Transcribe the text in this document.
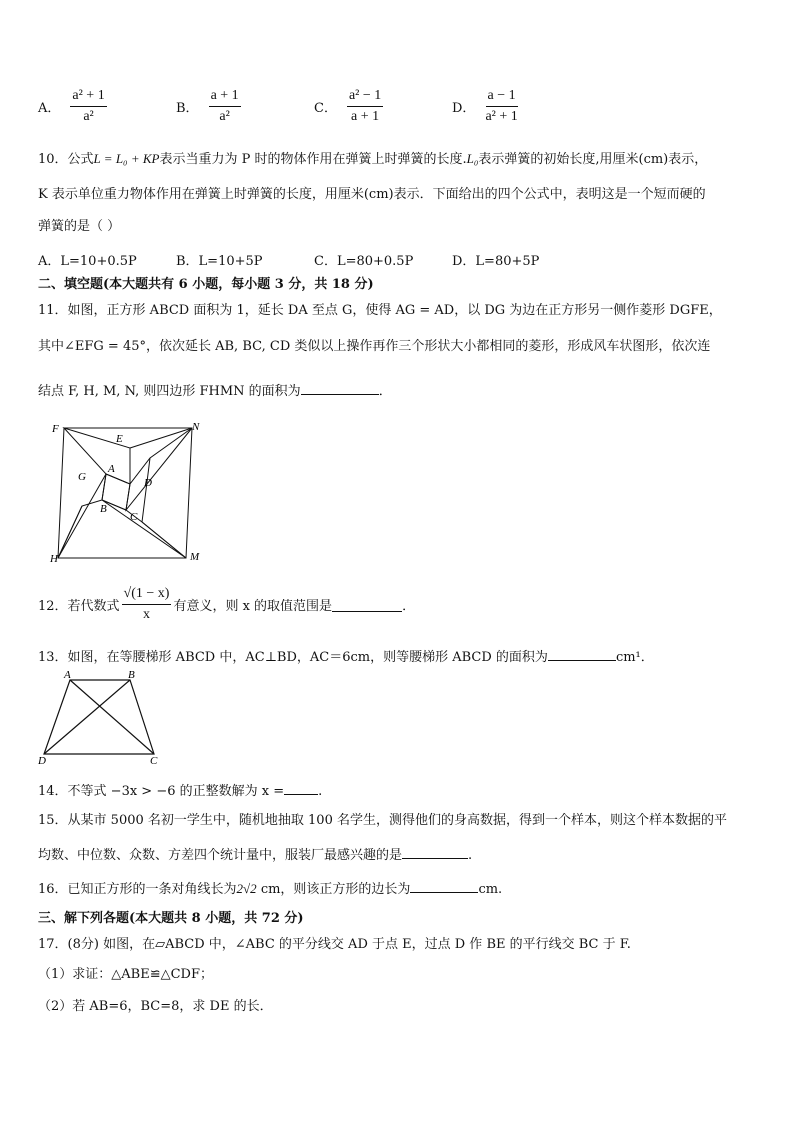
A． $\frac{\text{a² + 1}}{\text{a²}}$	B． $\frac{a + 1}{\text{a²}}$	C． $\frac{\text{a² − 1}}{a + 1}$	D． $\frac{a - 1}{\text{a² + 1}}$
10．公式L = L₀ + KP表示当重力为 P 时的物体作用在弹簧上时弹簧的长度.L₀表示弹簧的初始长度,用厘米(cm)表示，
K 表示单位重力物体作用在弹簧上时弹簧的长度，用厘米(cm)表示．下面给出的四个公式中，表明这是一个短而硬的
弹簧的是（ ）
A．L=10+0.5P	B．L=10+5P	C．L=80+0.5P	D．L=80+5P
二、填空题(本大题共有 6 小题，每小题 3 分，共 18 分)
11．如图，正方形 ABCD 面积为 1，延长 DA 至点 G，使得 AG = AD，以 DG 为边在正方形另一侧作菱形 DGFE，
其中∠EFG = 45°，依次延长 AB, BC, CD 类似以上操作再作三个形状大小都相同的菱形，形成风车状图形，依次连
结点 F, H, M, N, 则四边形 FHMN 的面积为	．
F	N
H	M
E
G
A
B
C
D
12．若代数式 $\frac{√(1 - x)}{x}$ 有意义，则 x 的取值范围是	．
13．如图，在等腰梯形 ABCD 中，AC⊥BD，AC＝6cm，则等腰梯形 ABCD 的面积为	cm¹．
A	B
C
D
14．不等式 −3x > −6 的正整数解为 x =	.
15．从某市 5000 名初一学生中，随机地抽取 100 名学生，测得他们的身高数据，得到一个样本，则这个样本数据的平
均数、中位数、众数、方差四个统计量中，服装厂最感兴趣的是	.
16．已知正方形的一条对角线长为2√2 cm，则该正方形的边长为	cm.
三、解下列各题(本大题共 8 小题，共 72 分)
17．(8分) 如图，在▱ABCD 中，∠ABC 的平分线交 AD 于点 E，过点 D 作 BE 的平行线交 BC 于 F.
（1）求证：△ABE≌△CDF；
（2）若 AB=6，BC=8，求 DE 的长．
